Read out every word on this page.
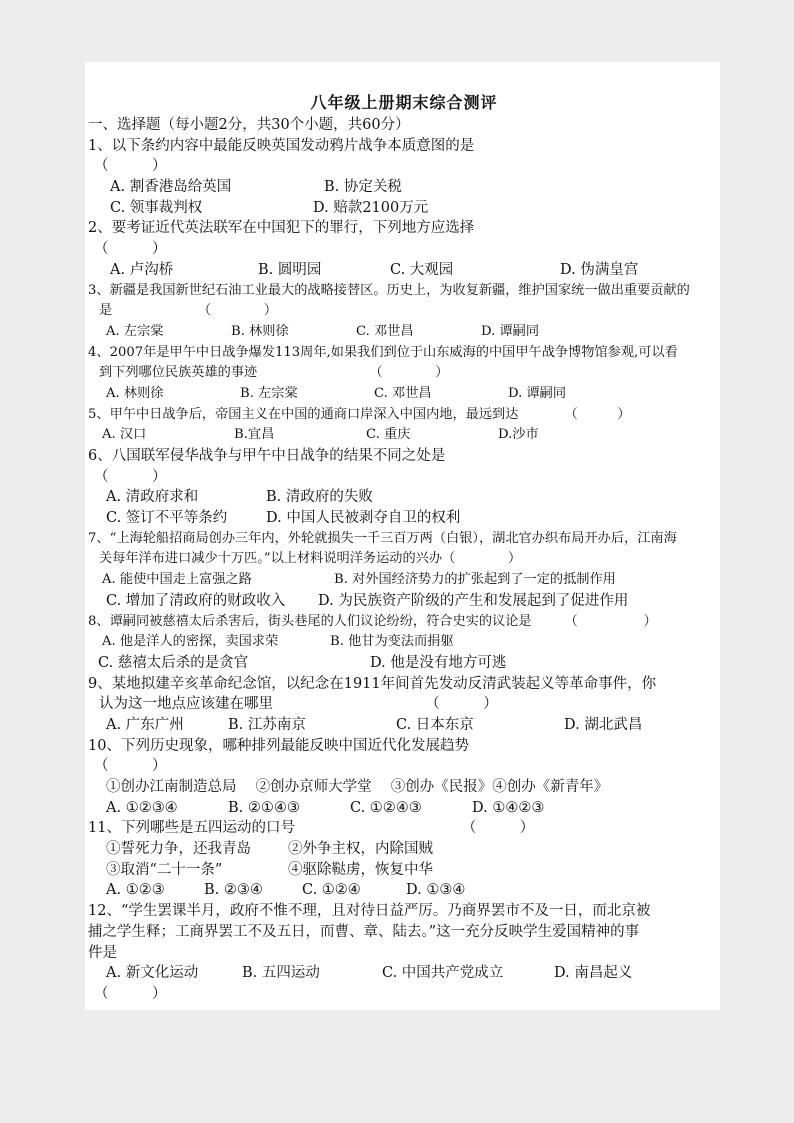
八年级上册期末综合测评
一、选择题（每小题2分，共30个小题，共60分）
1、以下条约内容中最能反映英国发动鸦片战争本质意图的是
（　　　）
A. 割香港岛给英国	B. 协定关税
C. 领事裁判权	D. 赔款2100万元
2、要考证近代英法联军在中国犯下的罪行，下列地方应选择
（　　　）
A. 卢沟桥	B. 圆明园	C. 大观园	D. 伪满皇宫
3、新疆是我国新世纪石油工业最大的战略接替区。历史上，为收复新疆，维护国家统一做出重要贡献的
是　　　　　　　（　　　　）
A. 左宗棠	B. 林则徐	C. 邓世昌	D. 谭嗣同
4、2007年是甲午中日战争爆发113周年,如果我们到位于山东威海的中国甲午战争博物馆参观,可以看
到下列哪位民族英雄的事迹　　　　　　　　　（　　　　）
A. 林则徐	B. 左宗棠	C. 邓世昌	D. 谭嗣同
5、甲午中日战争后，帝国主义在中国的通商口岸深入中国内地，最远到达　　　　（　　　）
A. 汉口	B.宜昌	C. 重庆	D.沙市
6、八国联军侵华战争与甲午中日战争的结果不同之处是
（　　　）
A. 清政府求和	B. 清政府的失败
C. 签订不平等条约	D. 中国人民被剥夺自卫的权利
7、“上海轮船招商局创办三年内，外轮就损失一千三百万两（白银），湖北官办织布局开办后，江南海
关每年洋布进口减少十万匹。”以上材料说明洋务运动的兴办（　　　　）
A. 能使中国走上富强之路	B. 对外国经济势力的扩张起到了一定的抵制作用
C. 增加了清政府的财政收入	D. 为民族资产阶级的产生和发展起到了促进作用
8、谭嗣同被慈禧太后杀害后，街头巷尾的人们议论纷纷，符合史实的议论是　　　（　　　　　）
A. 他是洋人的密探，卖国求荣	B. 他甘为变法而捐躯
C. 慈禧太后杀的是贪官	D. 他是没有地方可逃
9、某地拟建辛亥革命纪念馆，以纪念在1911年间首先发动反清武装起义等革命事件，你
认为这一地点应该建在哪里　　　　　　　　　　　（　　　）
A. 广东广州	B. 江苏南京	C. 日本东京	D. 湖北武昌
10、下列历史现象，哪种排列最能反映中国近代化发展趋势
（　　　）
①创办江南制造总局　 ②创办京师大学堂　 ③创办《民报》④创办《新青年》
A. ①②③④	B. ②①④③	C. ①②④③	D. ①④②③
11、下列哪些是五四运动的口号　　　　　　　　　　　　（　　　）
①誓死力争，还我青岛	②外争主权，内除国贼
③取消“二十一条”	④驱除鞑虏，恢复中华
A. ①②③	B. ②③④	C. ①②④	D. ①③④
12、“学生罢课半月，政府不惟不理，且对待日益严厉。乃商界罢市不及一日，而北京被
捕之学生释；工商界罢工不及五日，而曹、章、陆去。”这一充分反映学生爱国精神的事
件是
A. 新文化运动	B. 五四运动	C. 中国共产党成立	D. 南昌起义
（　　　）
